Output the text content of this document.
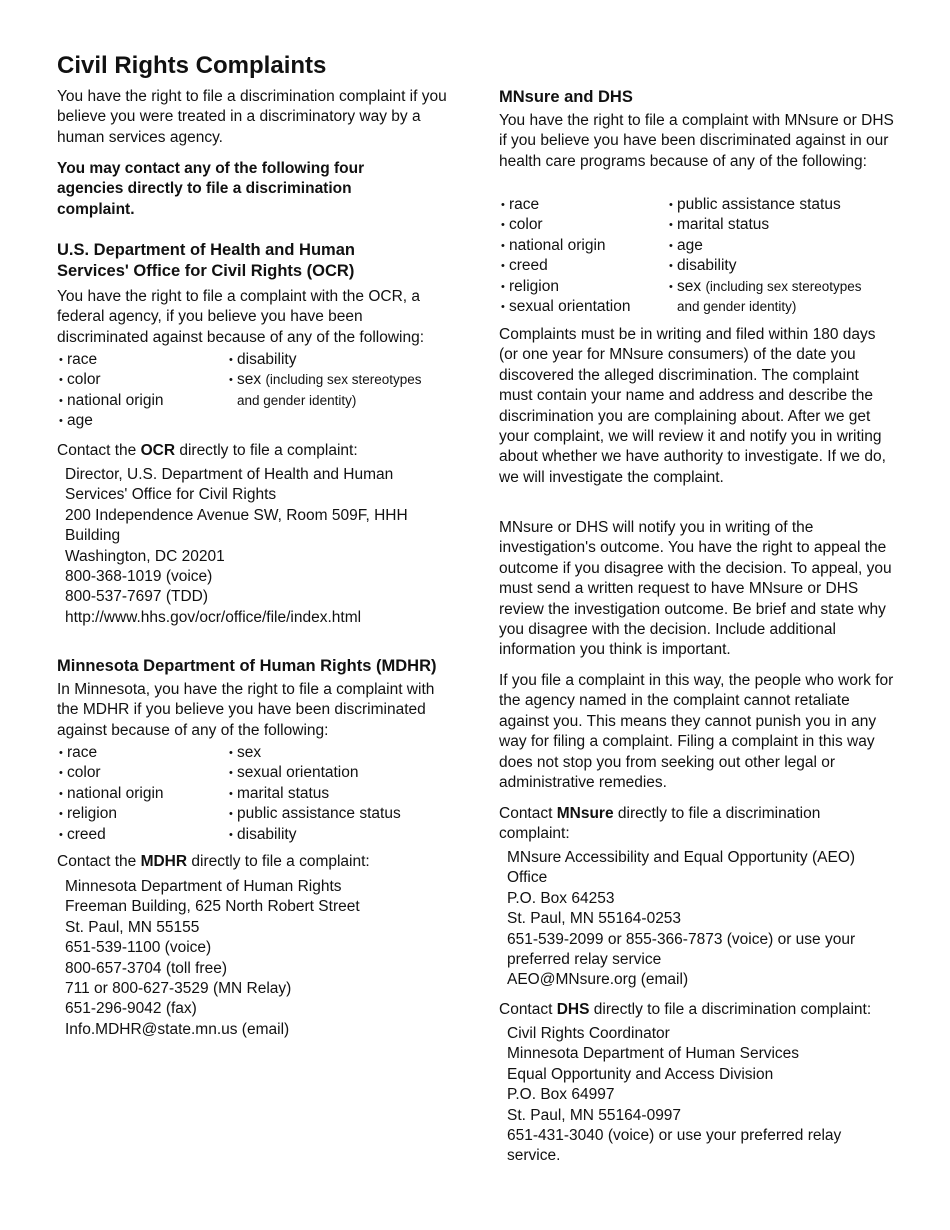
Civil Rights Complaints

You have the right to file a discrimination complaint if you believe you were treated in a discriminatory way by a human services agency.

You may contact any of the following four agencies directly to file a discrimination complaint.

U.S. Department of Health and Human Services' Office for Civil Rights (OCR)

You have the right to file a complaint with the OCR, a federal agency, if you believe you have been discriminated against because of any of the following:

• race
• color
• national origin
• age
• disability
• sex (including sex stereotypes and gender identity)

Contact the OCR directly to file a complaint:

Director, U.S. Department of Health and Human Services' Office for Civil Rights
200 Independence Avenue SW, Room 509F, HHH Building
Washington, DC 20201
800-368-1019 (voice)
800-537-7697 (TDD)
http://www.hhs.gov/ocr/office/file/index.html
Minnesota Department of Human Rights (MDHR)

In Minnesota, you have the right to file a complaint with the MDHR if you believe you have been discriminated against because of any of the following:

• race
• color
• national origin
• religion
• creed
• sex
• sexual orientation
• marital status
• public assistance status
• disability

Contact the MDHR directly to file a complaint:

Minnesota Department of Human Rights
Freeman Building, 625 North Robert Street
St. Paul, MN 55155
651-539-1100 (voice)
800-657-3704 (toll free)
711 or 800-627-3529 (MN Relay)
651-296-9042 (fax)
Info.MDHR@state.mn.us (email)
MNsure and DHS

You have the right to file a complaint with MNsure or DHS if you believe you have been discriminated against in our health care programs because of any of the following:

• race
• color
• national origin
• creed
• religion
• sexual orientation
• public assistance status
• marital status
• age
• disability
• sex (including sex stereotypes and gender identity)

Complaints must be in writing and filed within 180 days (or one year for MNsure consumers) of the date you discovered the alleged discrimination. The complaint must contain your name and address and describe the discrimination you are complaining about. After we get your complaint, we will review it and notify you in writing about whether we have authority to investigate. If we do, we will investigate the complaint.

MNsure or DHS will notify you in writing of the investigation's outcome. You have the right to appeal the outcome if you disagree with the decision. To appeal, you must send a written request to have MNsure or DHS review the investigation outcome. Be brief and state why you disagree with the decision. Include additional information you think is important.

If you file a complaint in this way, the people who work for the agency named in the complaint cannot retaliate against you. This means they cannot punish you in any way for filing a complaint. Filing a complaint in this way does not stop you from seeking out other legal or administrative remedies.

Contact MNsure directly to file a discrimination complaint:

MNsure Accessibility and Equal Opportunity (AEO) Office
P.O. Box 64253
St. Paul, MN 55164-0253
651-539-2099 or 855-366-7873 (voice) or use your preferred relay service
AEO@MNsure.org (email)

Contact DHS directly to file a discrimination complaint:

Civil Rights Coordinator
Minnesota Department of Human Services
Equal Opportunity and Access Division
P.O. Box 64997
St. Paul, MN 55164-0997
651-431-3040 (voice) or use your preferred relay service.
